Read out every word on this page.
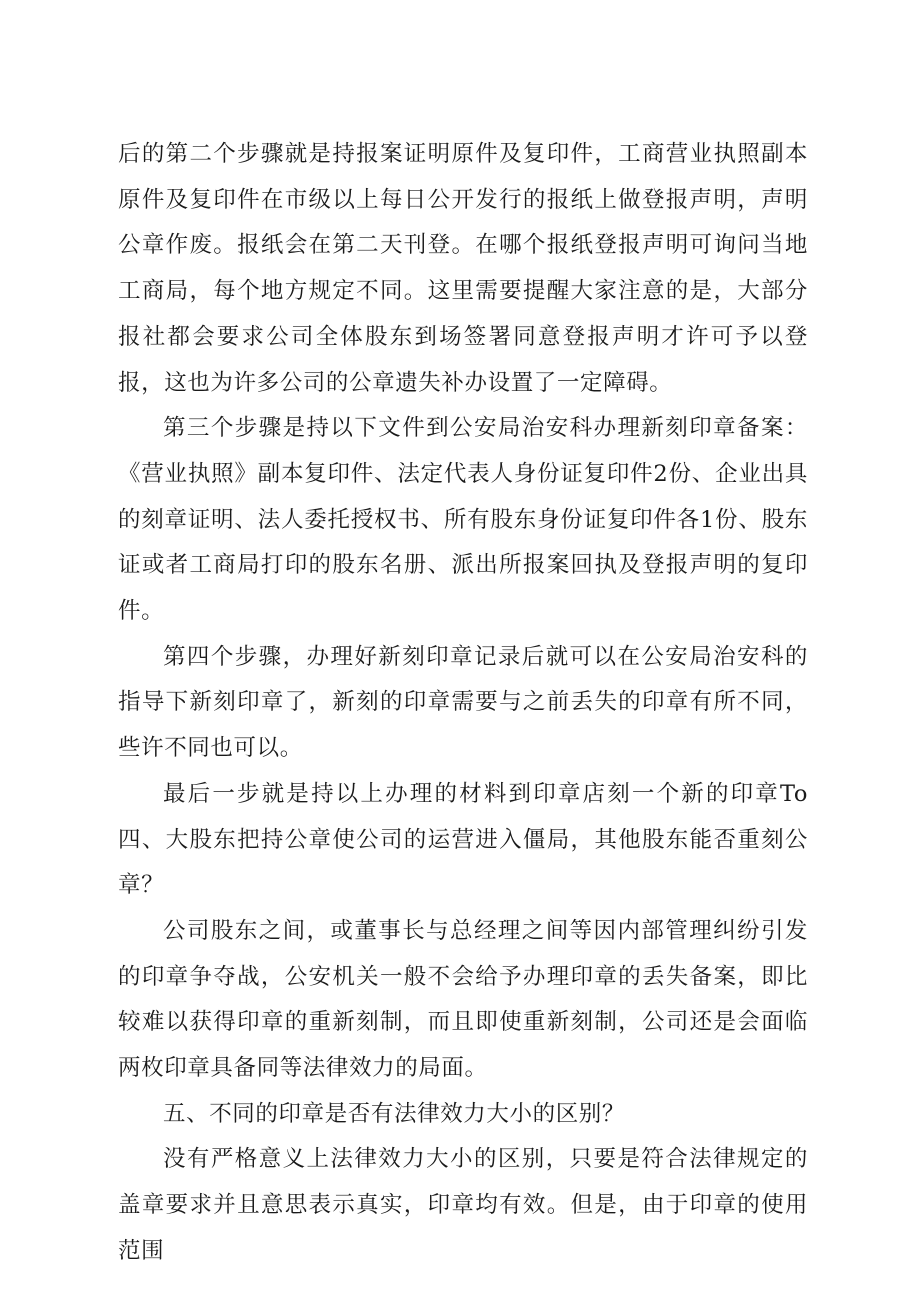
后的第二个步骤就是持报案证明原件及复印件，工商营业执照副本原件及复印件在市级以上每日公开发行的报纸上做登报声明，声明公章作废。报纸会在第二天刊登。在哪个报纸登报声明可询问当地工商局，每个地方规定不同。这里需要提醒大家注意的是，大部分报社都会要求公司全体股东到场签署同意登报声明才许可予以登报，这也为许多公司的公章遗失补办设置了一定障碍。

第三个步骤是持以下文件到公安局治安科办理新刻印章备案：《营业执照》副本复印件、法定代表人身份证复印件2份、企业出具的刻章证明、法人委托授权书、所有股东身份证复印件各1份、股东证或者工商局打印的股东名册、派出所报案回执及登报声明的复印件。

第四个步骤，办理好新刻印章记录后就可以在公安局治安科的指导下新刻印章了，新刻的印章需要与之前丢失的印章有所不同，些许不同也可以。

最后一步就是持以上办理的材料到印章店刻一个新的印章To四、大股东把持公章使公司的运营进入僵局，其他股东能否重刻公章？

公司股东之间，或董事长与总经理之间等因内部管理纠纷引发的印章争夺战，公安机关一般不会给予办理印章的丢失备案，即比较难以获得印章的重新刻制，而且即使重新刻制，公司还是会面临两枚印章具备同等法律效力的局面。

五、不同的印章是否有法律效力大小的区别？

没有严格意义上法律效力大小的区别，只要是符合法律规定的盖章要求并且意思表示真实，印章均有效。但是，由于印章的使用范围
